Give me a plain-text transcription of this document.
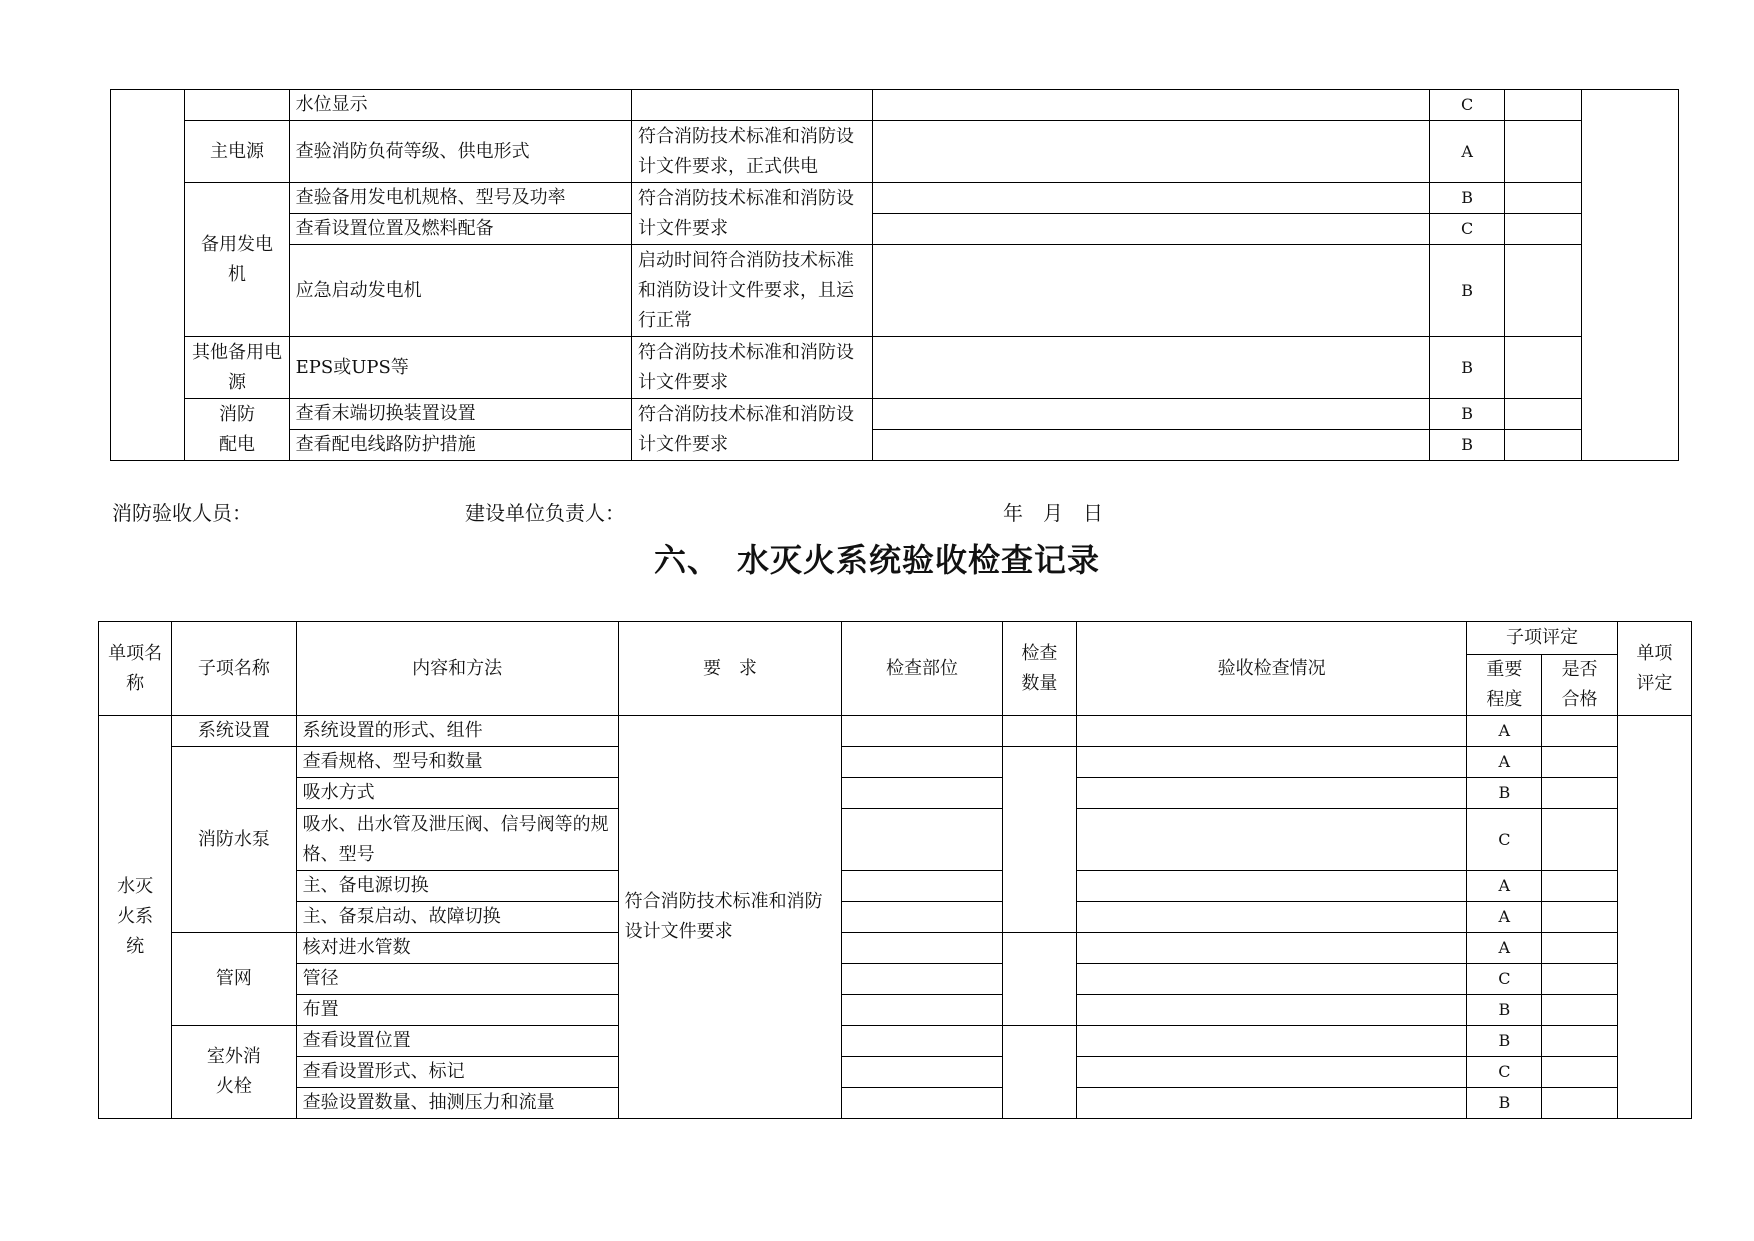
		水位显示			C		
	主电源	查验消防负荷等级、供电形式	符合消防技术标准和消防设计文件要求，正式供电		A		
	备用发电机	查验备用发电机规格、型号及功率	符合消防技术标准和消防设计文件要求		B		
		查看设置位置及燃料配备			C		
		应急启动发电机	启动时间符合消防技术标准和消防设计文件要求，且运行正常		B		
	其他备用电源	EPS或UPS等	符合消防技术标准和消防设计文件要求		B		
	消防配电	查看末端切换装置设置	符合消防技术标准和消防设计文件要求		B		
		查看配电线路防护措施			B		
消防验收人员：	建设单位负责人：	年　月　日
六、　水灭火系统验收检查记录
单项名称	子项名称	内容和方法	要　求	检查部位	检查数量	验收检查情况	子项评定		单项评定
							重要程度	是否合格	
水灭火系统	系统设置	系统设置的形式、组件	符合消防技术标准和消防设计文件要求				A		
	消防水泵	查看规格、型号和数量					A		
		吸水方式					B		
		吸水、出水管及泄压阀、信号阀等的规格、型号					C		
		主、备电源切换					A		
		主、备泵启动、故障切换					A		
	管网	核对进水管数					A		
		管径					C		
		布置					B		
	室外消火栓	查看设置位置					B		
		查看设置形式、标记					C		
		查验设置数量、抽测压力和流量					B		
